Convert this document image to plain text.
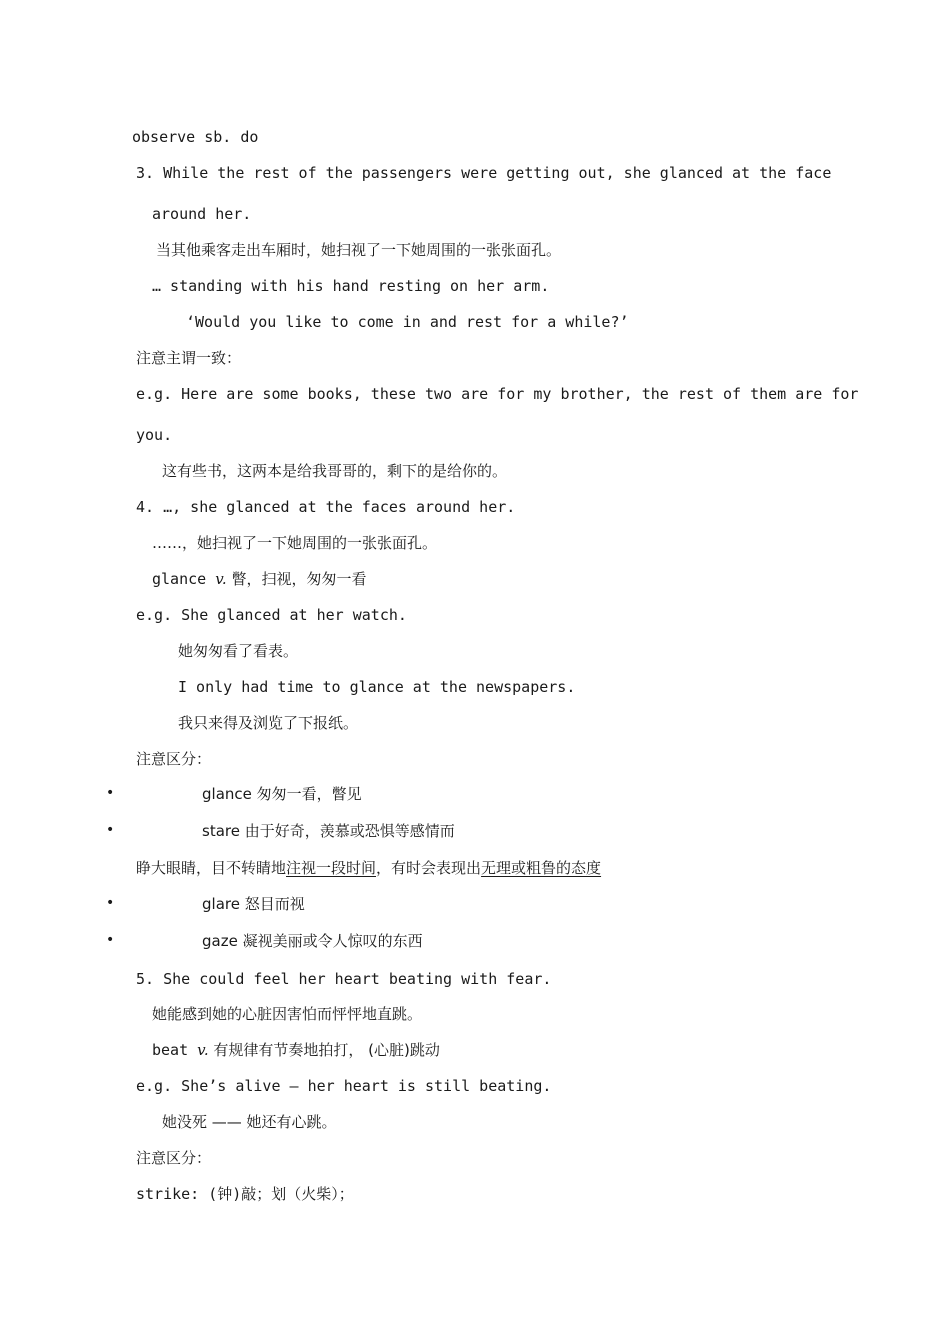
observe sb. do
3. While the rest of the passengers were getting out, she glanced at the face
around her.
当其他乘客走出车厢时，她扫视了一下她周围的一张张面孔。
… standing with his hand resting on her arm.
‘Would you like to come in and rest for a while?’
注意主谓一致：
e.g. Here are some books, these two are for my brother, the rest of them are for
you.
这有些书，这两本是给我哥哥的，剩下的是给你的。
4. …, she glanced at the faces around her.
……，她扫视了一下她周围的一张张面孔。
glance v. 瞥，扫视，匆匆一看
e.g. She glanced at her watch.
她匆匆看了看表。
I only had time to glance at the newspapers.
我只来得及浏览了下报纸。
注意区分：
•	glance 匆匆一看，瞥见
•	stare 由于好奇，羡慕或恐惧等感情而
睁大眼睛，目不转睛地注视一段时间，有时会表现出无理或粗鲁的态度
•	glare 怒目而视
•	gaze 凝视美丽或令人惊叹的东西
5. She could feel her heart beating with fear.
她能感到她的心脏因害怕而怦怦地直跳。
beat v. 有规律有节奏地拍打， (心脏)跳动
e.g. She’s alive — her heart is still beating.
她没死 —— 她还有心跳。
注意区分：
strike: (钟)敲；划（火柴）；
